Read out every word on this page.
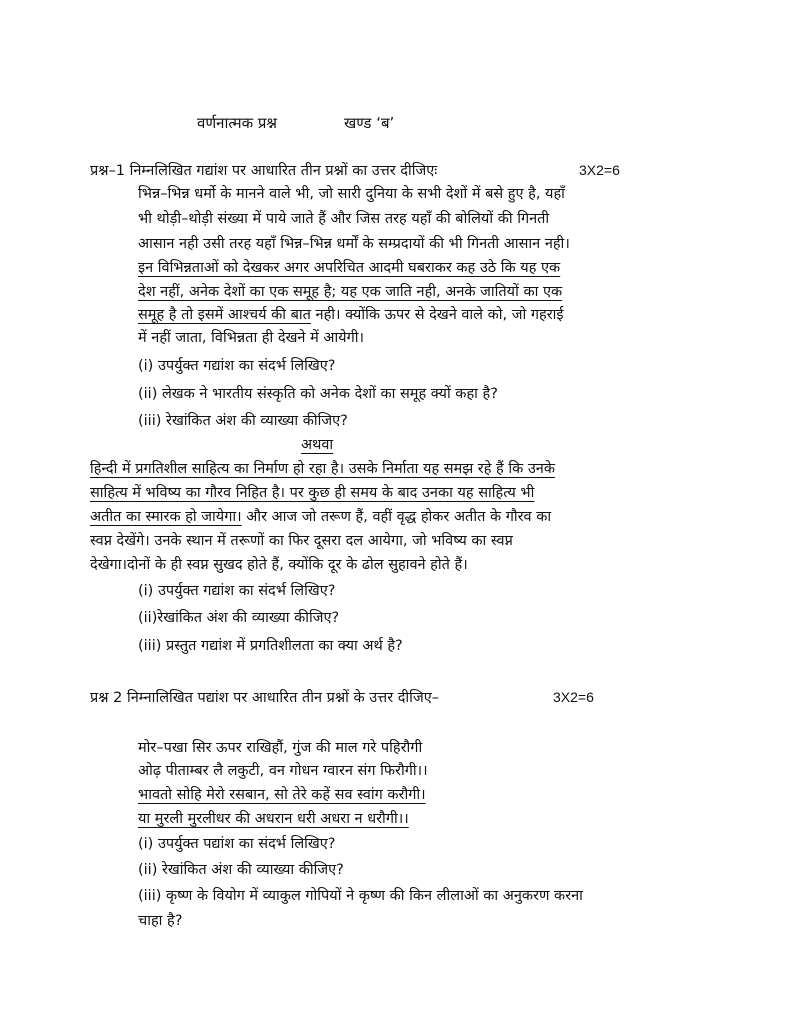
वर्णनात्मक प्रश्न	खण्ड ‘ब’
प्रश्न–1 निम्नलिखित गद्यांश पर आधारित तीन प्रश्नों का उत्तर दीजिएः	3X2=6
भिन्न–भिन्न धर्मो के मानने वाले भी, जो सारी दुनिया के सभी देशों में बसे हुए है, यहाँ
भी थोड़ी–थोड़ी संख्या में पाये जाते हैं और जिस तरह यहाँ की बोलियों की गिनती
आसान नही उसी तरह यहाँ भिन्न–भिन्न धर्मों के सम्प्रदायों की भी गिनती आसान नही।
इन विभिन्नताओं को देखकर अगर अपरिचित आदमी घबराकर कह उठे कि यह एक
देश नहीं, अनेक देशों का एक समूह है; यह एक जाति नही, अनके जातियों का एक
समूह है तो इसमें आश्चर्य की बात नही। क्योंकि ऊपर से देखने वाले को, जो गहराई
में नहीं जाता, विभिन्नता ही देखने में आयेगी।
(i) उपर्युक्त गद्यांश का संदर्भ लिखिए?
(ii) लेखक ने भारतीय संस्कृति को अनेक देशों का समूह क्यों कहा है?
(iii) रेखांकित अंश की व्याख्या कीजिए?
अथवा
हिन्दी में प्रगतिशील साहित्य का निर्माण हो रहा है। उसके निर्माता यह समझ रहे हैं कि उनके
साहित्य में भविष्य का गौरव निहित है। पर कुछ ही समय के बाद उनका यह साहित्य भी
अतीत का स्मारक हो जायेगा। और आज जो तरूण हैं, वहीं वृद्ध होकर अतीत के गौरव का
स्वप्न देखेंगे। उनके स्थान में तरूणों का फिर दूसरा दल आयेगा, जो भविष्य का स्वप्न
देखेगा।दोनों के ही स्वप्न सुखद होते हैं, क्योंकि दूर के ढोल सुहावने होते हैं।
(i) उपर्युक्त गद्यांश का संदर्भ लिखिए?
(ii)रेखांकित अंश की व्याख्या कीजिए?
(iii) प्रस्तुत गद्यांश में प्रगतिशीलता का क्या अर्थ है?
प्रश्न 2 निम्नालिखित पद्यांश पर आधारित तीन प्रश्नों के उत्तर दीजिए–	3X2=6
मोर–पखा सिर ऊपर राखिहौं, गुंज की माल गरे पहिरौगी
ओढ़ पीताम्बर लै लकुटी, वन गोधन ग्वारन संग फिरौगी।।
भावतो सोहि मेरो रसबान, सो तेरे कहें सव स्वांग करौगी।
या मुरली मुरलीधर की अधरान धरी अधरा न धरौगी।।
(i) उपर्युक्त पद्यांश का संदर्भ लिखिए?
(ii) रेखांकित अंश की व्याख्या कीजिए?
(iii) कृष्ण के वियोग में व्याकुल गोपियों ने कृष्ण की किन लीलाओं का अनुकरण करना
चाहा है?
